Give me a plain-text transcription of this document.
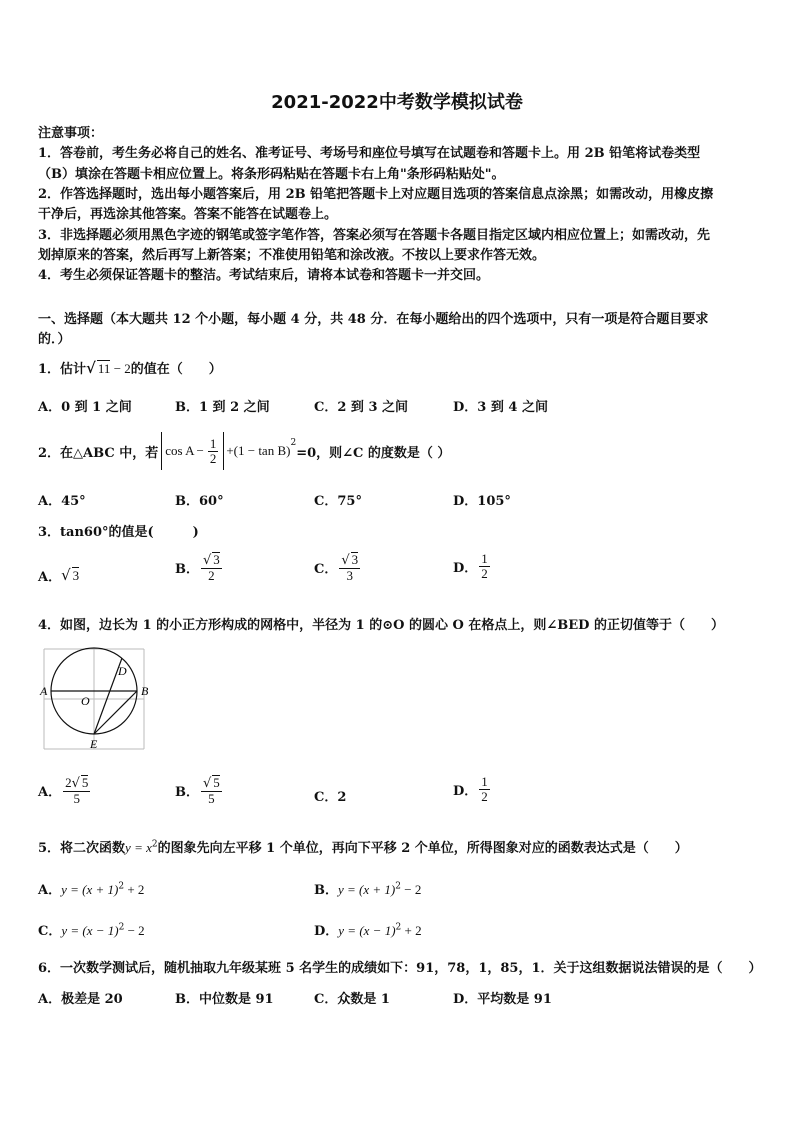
2021-2022中考数学模拟试卷
注意事项：
1．答卷前，考生务必将自己的姓名、准考证号、考场号和座位号填写在试题卷和答题卡上。用 2B 铅笔将试卷类型
（B）填涂在答题卡相应位置上。将条形码粘贴在答题卡右上角"条形码粘贴处"。
2．作答选择题时，选出每小题答案后，用 2B 铅笔把答题卡上对应题目选项的答案信息点涂黑；如需改动，用橡皮擦
干净后，再选涂其他答案。答案不能答在试题卷上。
3．非选择题必须用黑色字迹的钢笔或签字笔作答，答案必须写在答题卡各题目指定区域内相应位置上；如需改动，先
划掉原来的答案，然后再写上新答案；不准使用铅笔和涂改液。不按以上要求作答无效。
4．考生必须保证答题卡的整洁。考试结束后，请将本试卷和答题卡一并交回。
一、选择题（本大题共 12 个小题，每小题 4 分，共 48 分．在每小题给出的四个选项中，只有一项是符合题目要求
的．）
1．估计√ 11 − 2的值在（　　）
A．0 到 1 之间	B．1 到 2 之间	C．2 到 3 之间	D．3 到 4 之间
2．在△ABC 中，若 $\cos A - \frac{1}{2} +(1 - \tan B)^2$
=0，则∠C 的度数是（ ）
A．45°	B．60°	C．75°	D．105°
3．tan60°的值是(　　　)
A． √ 3	B． $\frac{√ 3}{2}$	C． $\frac{√ 3}{3}$	D． $\frac{1}{2}$
4．如图，边长为 1 的小正方形构成的网格中，半径为 1 的⊙O 的圆心 O 在格点上，则∠BED 的正切值等于（　　）
A	B
D
O
E
A． $\frac{2√ 5}{5}$	B． $\frac{√ 5}{5}$	C．2	D． $\frac{1}{2}$
5．将二次函数$y = x^2$的图象先向左平移 1 个单位，再向下平移 2 个单位，所得图象对应的函数表达式是（　　）
A．$y = (x + 1)^2 + 2$	B．$y = (x + 1)^2 - 2$
C．$y = (x - 1)^2 - 2$	D．$y = (x - 1)^2 + 2$
6．一次数学测试后，随机抽取九年级某班 5 名学生的成绩如下：91，78，1，85，1．关于这组数据说法错误的是（　　）
A．极差是 20	B．中位数是 91	C．众数是 1	D．平均数是 91
